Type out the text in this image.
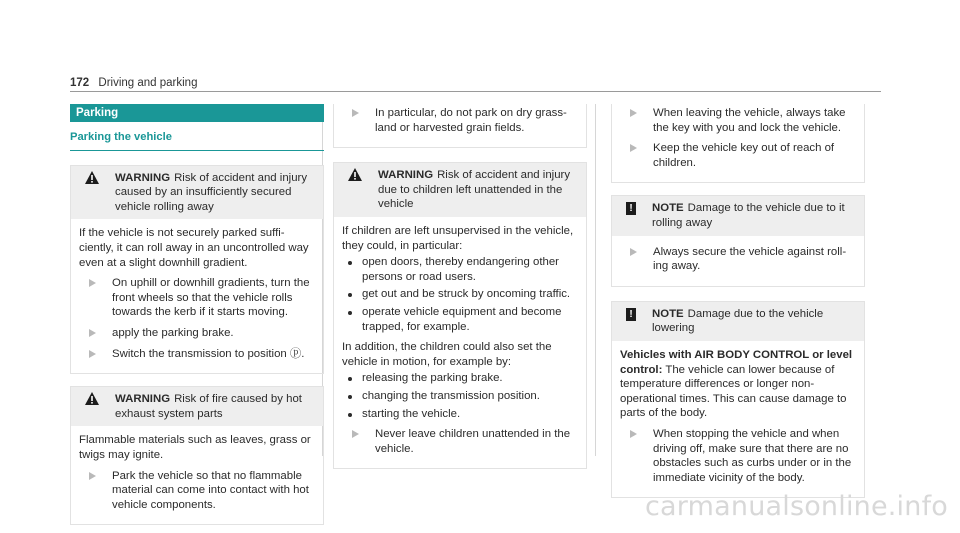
172 Driving and parking
Parking
Parking the vehicle
WARNING Risk of accident and injury caused by an insufficiently secured vehicle rolling away

If the vehicle is not securely parked sufficiently, it can roll away in an uncontrolled way even at a slight downhill gradient.

On uphill or downhill gradients, turn the front wheels so that the vehicle rolls towards the kerb if it starts moving.
apply the parking brake.
Switch the transmission to position ⓟ.
WARNING Risk of fire caused by hot exhaust system parts

Flammable materials such as leaves, grass or twigs may ignite.

Park the vehicle so that no flammable material can come into contact with hot vehicle components.
In particular, do not park on dry grassland or harvested grain fields.
WARNING Risk of accident and injury due to children left unattended in the vehicle

If children are left unsupervised in the vehicle, they could, in particular:

open doors, thereby endangering other persons or road users.
get out and be struck by oncoming traffic.
operate vehicle equipment and become trapped, for example.

In addition, the children could also set the vehicle in motion, for example by:

releasing the parking brake.
changing the transmission position.
starting the vehicle.
Never leave children unattended in the vehicle.
When leaving the vehicle, always take the key with you and lock the vehicle.
Keep the vehicle key out of reach of children.
! NOTE Damage to the vehicle due to it rolling away
Always secure the vehicle against rolling away.
! NOTE Damage due to the vehicle lowering

Vehicles with AIR BODY CONTROL or level control: The vehicle can lower because of temperature differences or longer non-operational times. This can cause damage to parts of the body.

When stopping the vehicle and when driving off, make sure that there are no obstacles such as curbs under or in the immediate vicinity of the body.
carmanualsonline.info
